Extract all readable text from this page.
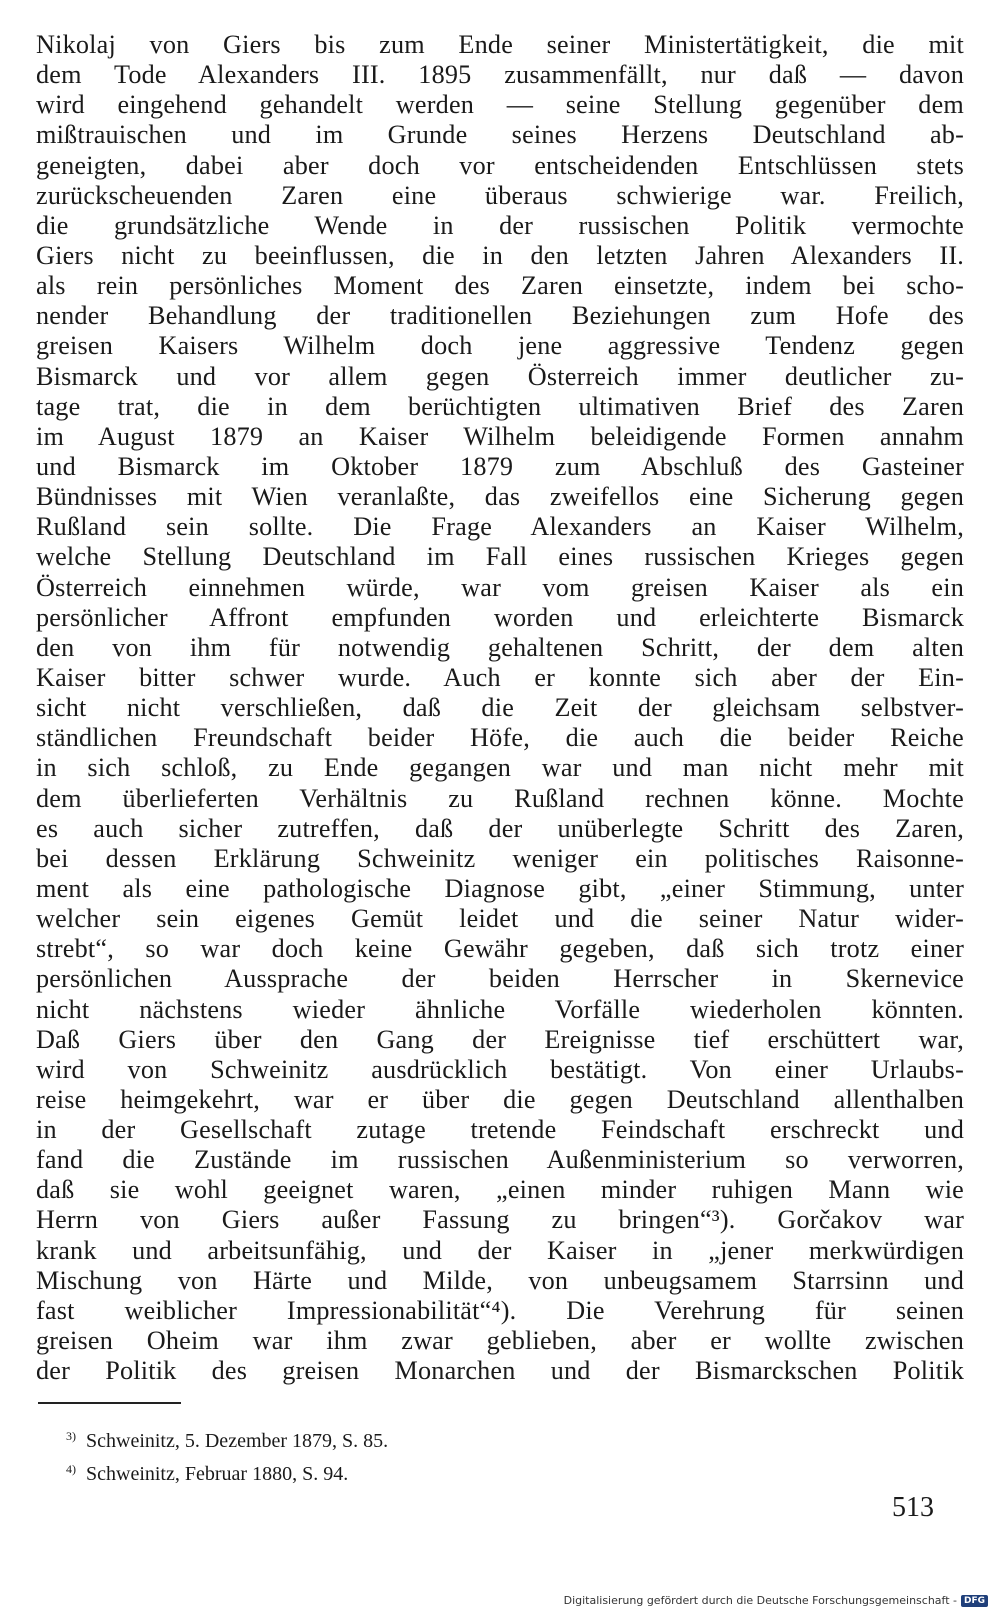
Nikolaj von Giers bis zum Ende seiner Ministertätigkeit, die mit
dem Tode Alexanders III. 1895 zusammenfällt, nur daß — davon
wird eingehend gehandelt werden — seine Stellung gegenüber dem
mißtrauischen und im Grunde seines Herzens Deutschland ab-
geneigten, dabei aber doch vor entscheidenden Entschlüssen stets
zurückscheuenden Zaren eine überaus schwierige war. Freilich,
die grundsätzliche Wende in der russischen Politik vermochte
Giers nicht zu beeinflussen, die in den letzten Jahren Alexanders II.
als rein persönliches Moment des Zaren einsetzte, indem bei scho-
nender Behandlung der traditionellen Beziehungen zum Hofe des
greisen Kaisers Wilhelm doch jene aggressive Tendenz gegen
Bismarck und vor allem gegen Österreich immer deutlicher zu-
tage trat, die in dem berüchtigten ultimativen Brief des Zaren
im August 1879 an Kaiser Wilhelm beleidigende Formen annahm
und Bismarck im Oktober 1879 zum Abschluß des Gasteiner
Bündnisses mit Wien veranlaßte, das zweifellos eine Sicherung gegen
Rußland sein sollte. Die Frage Alexanders an Kaiser Wilhelm,
welche Stellung Deutschland im Fall eines russischen Krieges gegen
Österreich einnehmen würde, war vom greisen Kaiser als ein
persönlicher Affront empfunden worden und erleichterte Bismarck
den von ihm für notwendig gehaltenen Schritt, der dem alten
Kaiser bitter schwer wurde. Auch er konnte sich aber der Ein-
sicht nicht verschließen, daß die Zeit der gleichsam selbstver-
ständlichen Freundschaft beider Höfe, die auch die beider Reiche
in sich schloß, zu Ende gegangen war und man nicht mehr mit
dem überlieferten Verhältnis zu Rußland rechnen könne. Mochte
es auch sicher zutreffen, daß der unüberlegte Schritt des Zaren,
bei dessen Erklärung Schweinitz weniger ein politisches Raisonne-
ment als eine pathologische Diagnose gibt, „einer Stimmung, unter
welcher sein eigenes Gemüt leidet und die seiner Natur wider-
strebt“, so war doch keine Gewähr gegeben, daß sich trotz einer
persönlichen Aussprache der beiden Herrscher in Skernevice
nicht nächstens wieder ähnliche Vorfälle wiederholen könnten.
Daß Giers über den Gang der Ereignisse tief erschüttert war,
wird von Schweinitz ausdrücklich bestätigt. Von einer Urlaubs-
reise heimgekehrt, war er über die gegen Deutschland allenthalben
in der Gesellschaft zutage tretende Feindschaft erschreckt und
fand die Zustände im russischen Außenministerium so verworren,
daß sie wohl geeignet waren, „einen minder ruhigen Mann wie
Herrn von Giers außer Fassung zu bringen“³). Gorčakov war
krank und arbeitsunfähig, und der Kaiser in „jener merkwürdigen
Mischung von Härte und Milde, von unbeugsamem Starrsinn und
fast weiblicher Impressionabilität“⁴). Die Verehrung für seinen
greisen Oheim war ihm zwar geblieben, aber er wollte zwischen
der Politik des greisen Monarchen und der Bismarckschen Politik
$^{3)}$ Schweinitz, 5. Dezember 1879, S. 85.
$^{4)}$ Schweinitz, Februar 1880, S. 94.
513
Digitalisierung gefördert durch die Deutsche Forschungsgemeinschaft - DFG
